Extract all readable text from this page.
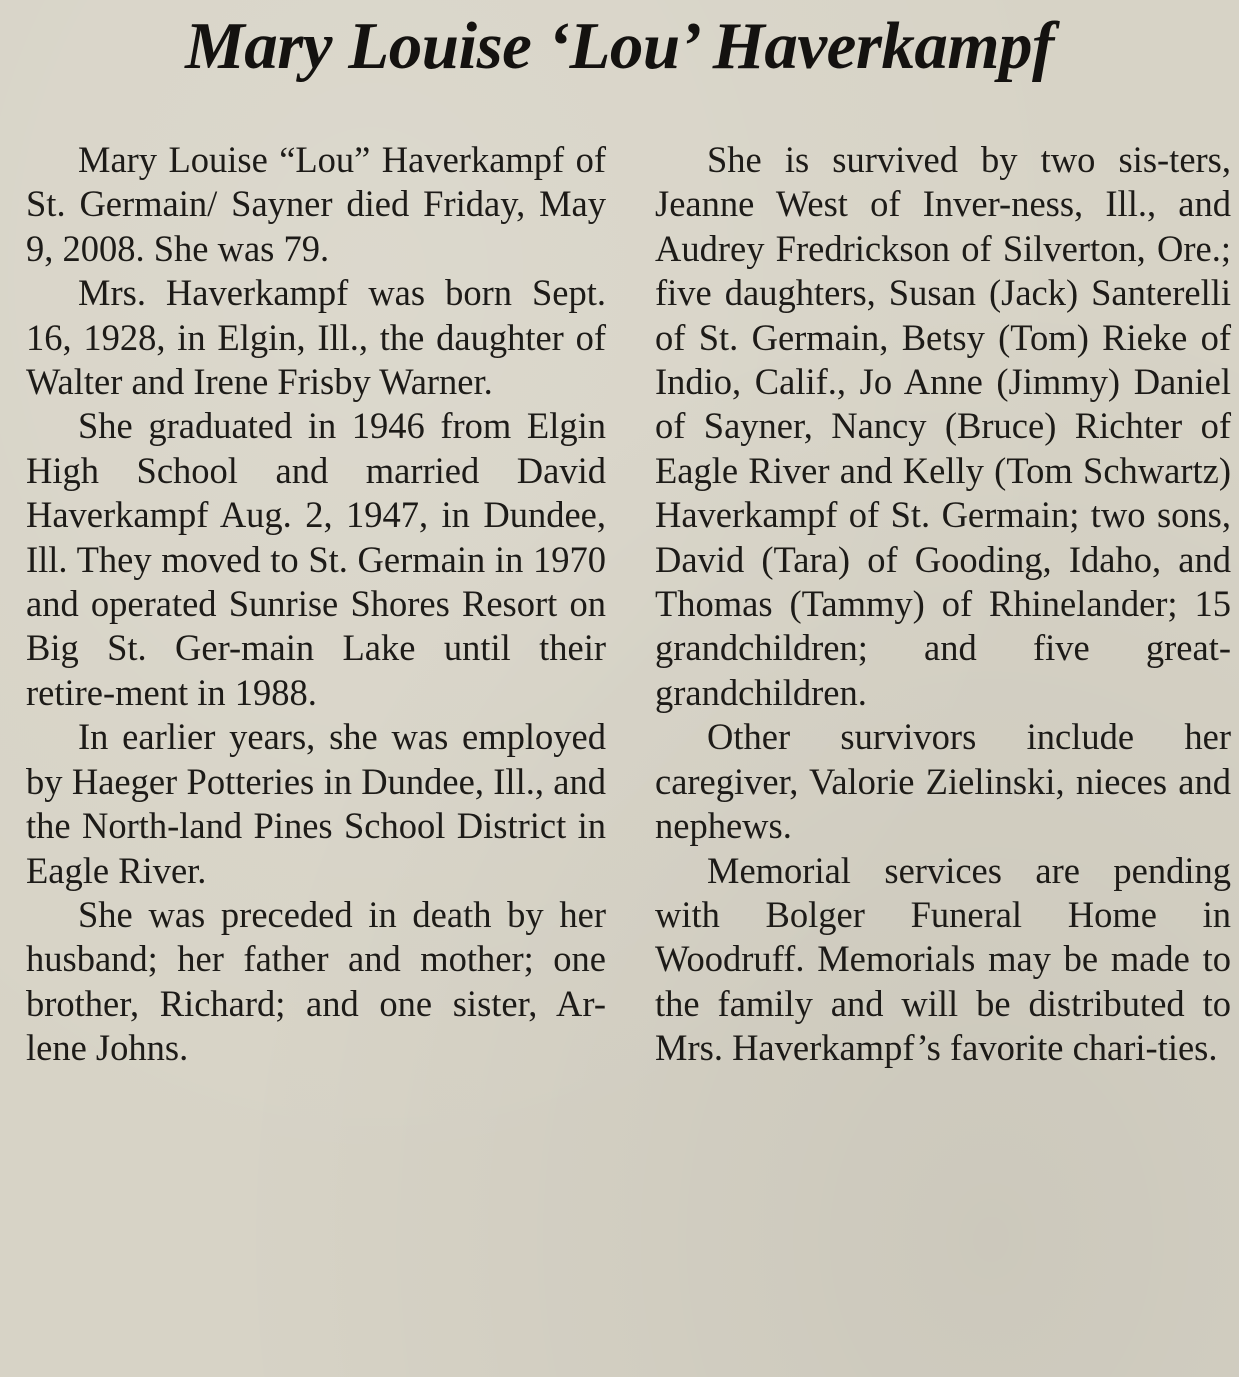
Mary Louise ‘Lou’ Haverkampf

Mary Louise “Lou” Haverkampf of St. Germain/ Sayner died Friday, May 9, 2008. She was 79.

Mrs. Haverkampf was born Sept. 16, 1928, in Elgin, Ill., the daughter of Walter and Irene Frisby Warner.

She graduated in 1946 from Elgin High School and married David Haverkampf Aug. 2, 1947, in Dundee, Ill. They moved to St. Germain in 1970 and operated Sunrise Shores Resort on Big St. Ger-main Lake until their retire-ment in 1988.

In earlier years, she was employed by Haeger Potteries in Dundee, Ill., and the North-land Pines School District in Eagle River.

She was preceded in death by her husband; her father and mother; one brother, Richard; and one sister, Ar-lene Johns.

She is survived by two sis-ters, Jeanne West of Inver-ness, Ill., and Audrey Fredrickson of Silverton, Ore.; five daughters, Susan (Jack) Santerelli of St. Germain, Betsy (Tom) Rieke of Indio, Calif., Jo Anne (Jimmy) Daniel of Sayner, Nancy (Bruce) Richter of Eagle River and Kelly (Tom Schwartz) Haverkampf of St. Germain; two sons, David (Tara) of Gooding, Idaho, and Thomas (Tammy) of Rhinelander; 15 grandchildren; and five great-grandchildren.

Other survivors include her caregiver, Valorie Zielinski, nieces and nephews.

Memorial services are pending with Bolger Funeral Home in Woodruff. Memorials may be made to the family and will be distributed to Mrs. Haverkampf’s favorite chari-ties.
